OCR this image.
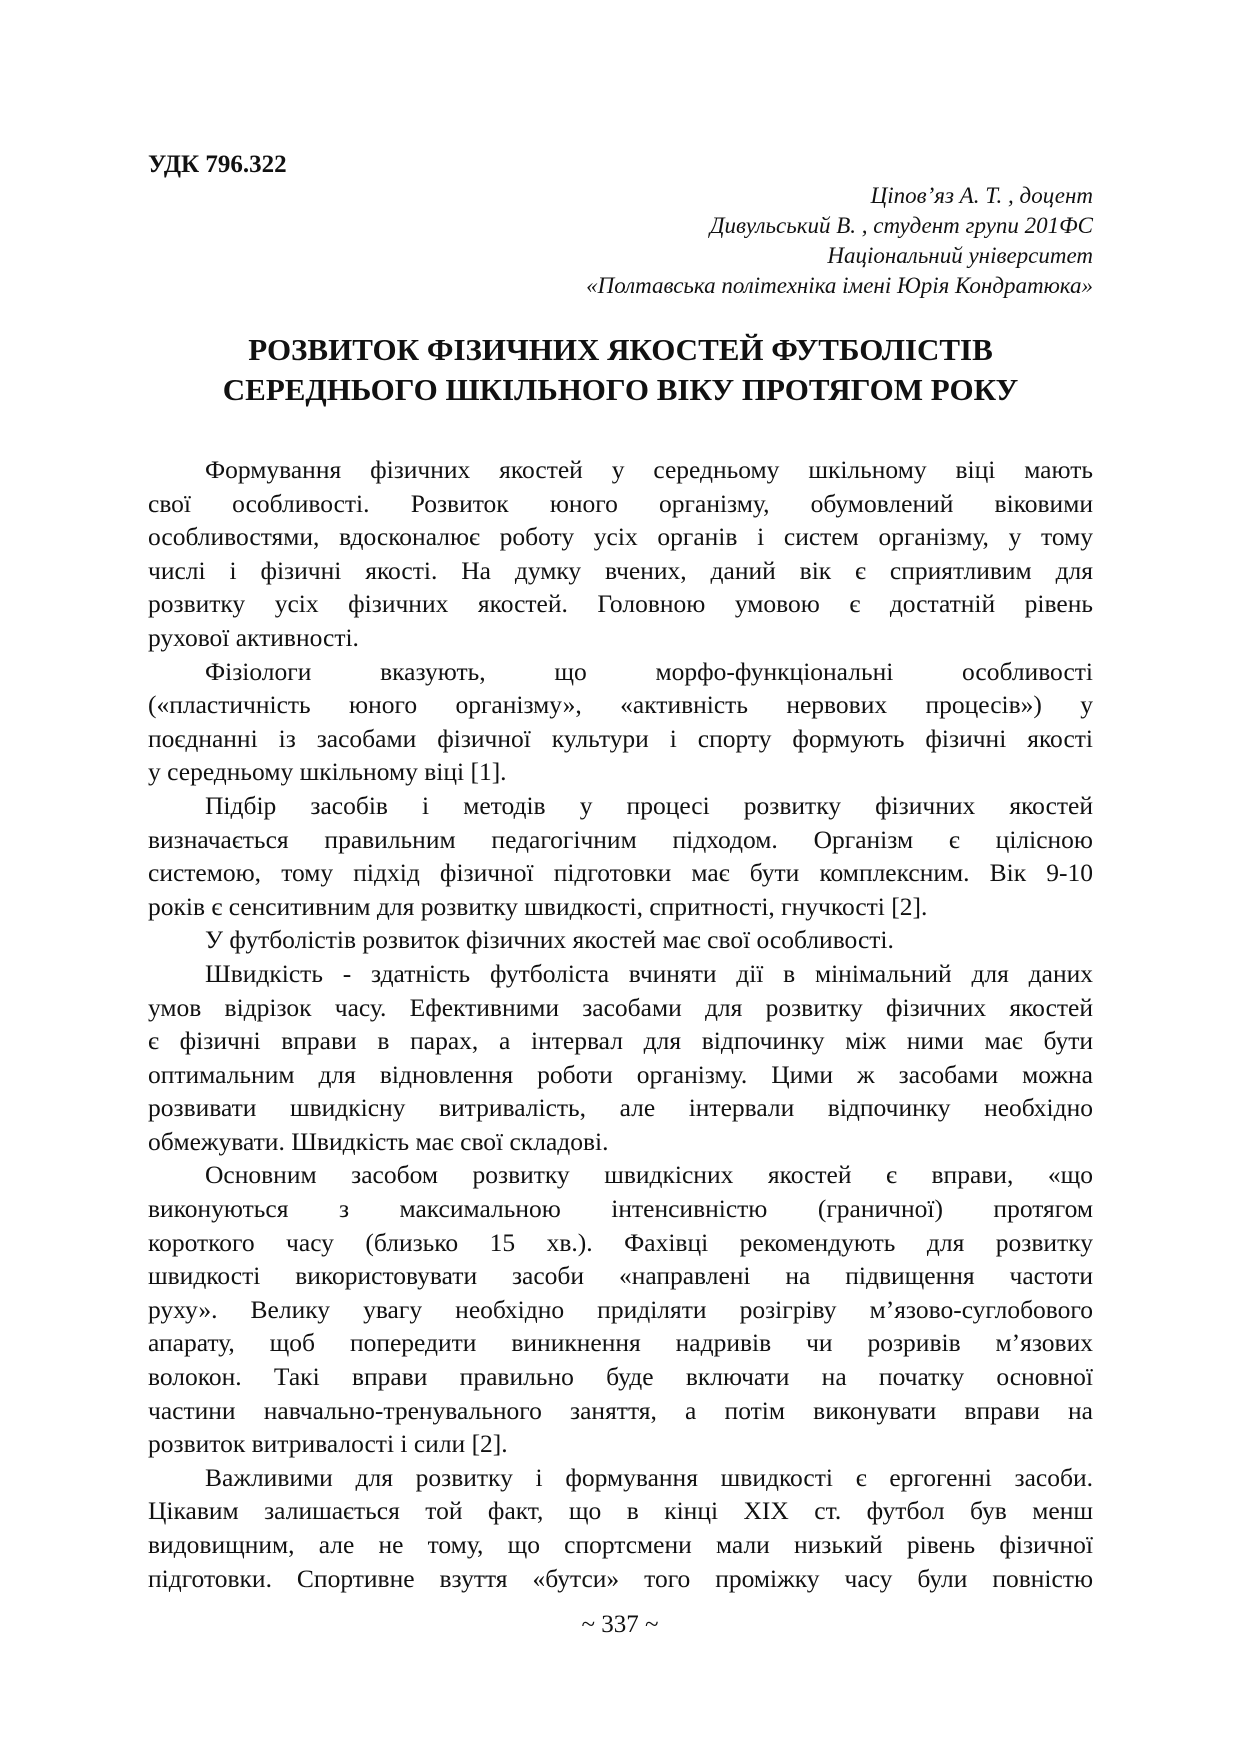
УДК 796.322
Ціпов’яз А. Т. , доцент
Дивульський В. , студент групи 201ФС
Національний університет
«Полтавська політехніка імені Юрія Кондратюка»
РОЗВИТОК ФІЗИЧНИХ ЯКОСТЕЙ ФУТБОЛІСТІВ
СЕРЕДНЬОГО ШКІЛЬНОГО ВІКУ ПРОТЯГОМ РОКУ
Формування фізичних якостей у середньому шкільному віці мають
свої особливості. Розвиток юного організму, обумовлений віковими
особливостями, вдосконалює роботу усіх органів і систем організму, у тому
числі і фізичні якості. На думку вчених, даний вік є сприятливим для
розвитку усіх фізичних якостей. Головною умовою є достатній рівень
рухової активності.
Фізіологи вказують, що морфо-функціональні особливості
(«пластичність юного організму», «активність нервових процесів») у
поєднанні із засобами фізичної культури і спорту формують фізичні якості
у середньому шкільному віці [1].
Підбір засобів і методів у процесі розвитку фізичних якостей
визначається правильним педагогічним підходом. Організм є цілісною
системою, тому підхід фізичної підготовки має бути комплексним. Вік 9-10
років є сенситивним для розвитку швидкості, спритності, гнучкості [2].
У футболістів розвиток фізичних якостей має свої особливості.
Швидкість - здатність футболіста вчиняти дії в мінімальний для даних
умов відрізок часу. Ефективними засобами для розвитку фізичних якостей
є фізичні вправи в парах, а інтервал для відпочинку між ними має бути
оптимальним для відновлення роботи організму. Цими ж засобами можна
розвивати швидкісну витривалість, але інтервали відпочинку необхідно
обмежувати. Швидкість має свої складові.
Основним засобом розвитку швидкісних якостей є вправи, «що
виконуються з максимальною інтенсивністю (граничної) протягом
короткого часу (близько 15 хв.). Фахівці рекомендують для розвитку
швидкості використовувати засоби «направлені на підвищення частоти
руху». Велику увагу необхідно приділяти розігріву м’язово-суглобового
апарату, щоб попередити виникнення надривів чи розривів м’язових
волокон. Такі вправи правильно буде включати на початку основної
частини навчально-тренувального заняття, а потім виконувати вправи на
розвиток витривалості і сили [2].
Важливими для розвитку і формування швидкості є ергогенні засоби.
Цікавим залишається той факт, що в кінці XIX ст. футбол був менш
видовищним, але не тому, що спортсмени мали низький рівень фізичної
підготовки. Спортивне взуття «бутси» того проміжку часу були повністю
~ 337 ~
